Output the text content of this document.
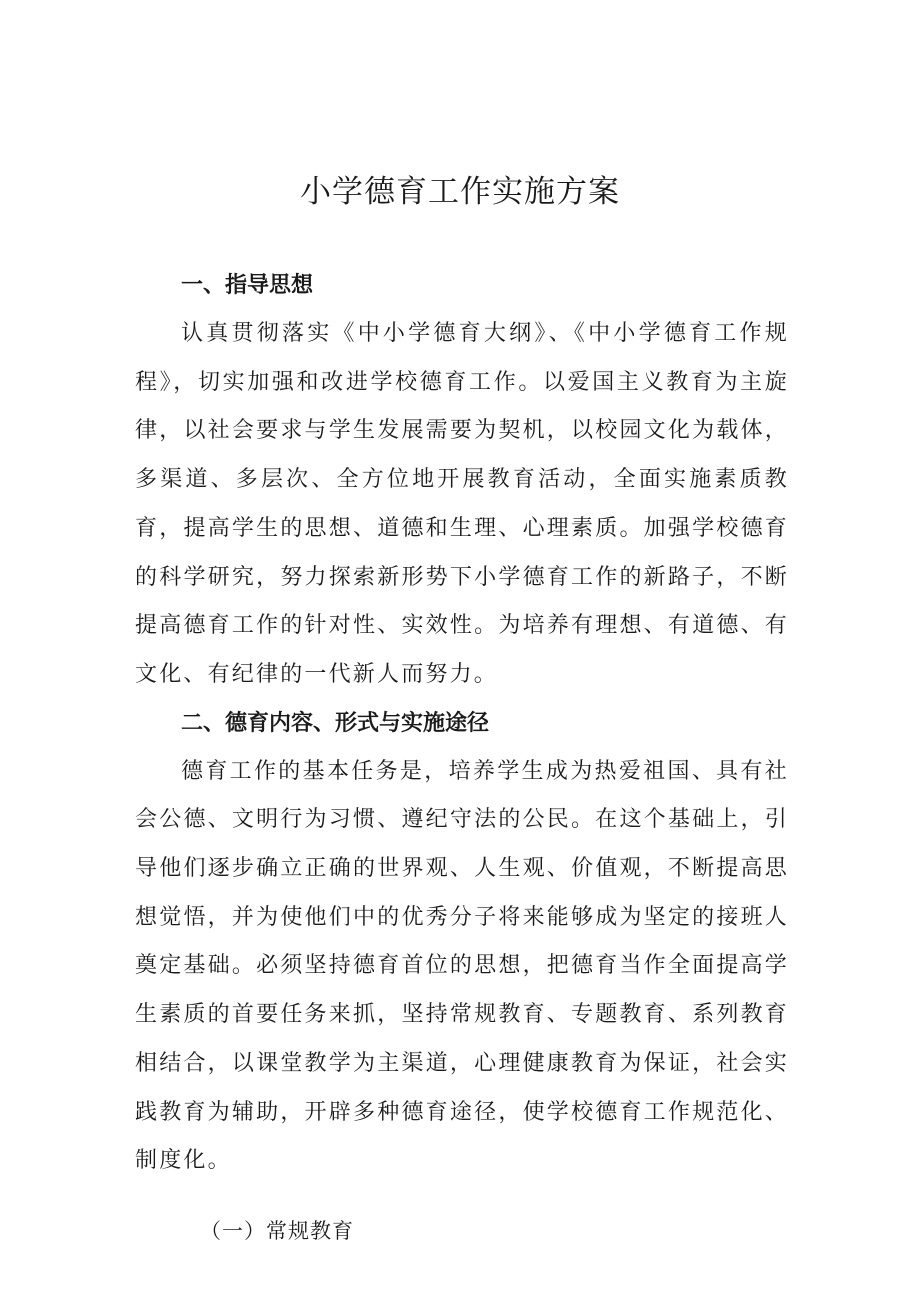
小学德育工作实施方案
一、指导思想

认真贯彻落实《中小学德育大纲》、《中小学德育工作规程》，切实加强和改进学校德育工作。以爱国主义教育为主旋律，以社会要求与学生发展需要为契机，以校园文化为载体，多渠道、多层次、全方位地开展教育活动，全面实施素质教育，提高学生的思想、道德和生理、心理素质。加强学校德育的科学研究，努力探索新形势下小学德育工作的新路子，不断提高德育工作的针对性、实效性。为培养有理想、有道德、有文化、有纪律的一代新人而努力。

二、德育内容、形式与实施途径

德育工作的基本任务是，培养学生成为热爱祖国、具有社会公德、文明行为习惯、遵纪守法的公民。在这个基础上，引导他们逐步确立正确的世界观、人生观、价值观，不断提高思想觉悟，并为使他们中的优秀分子将来能够成为坚定的接班人奠定基础。必须坚持德育首位的思想，把德育当作全面提高学生素质的首要任务来抓，坚持常规教育、专题教育、系列教育相结合，以课堂教学为主渠道，心理健康教育为保证，社会实践教育为辅助，开辟多种德育途径，使学校德育工作规范化、制度化。

（一）常规教育
